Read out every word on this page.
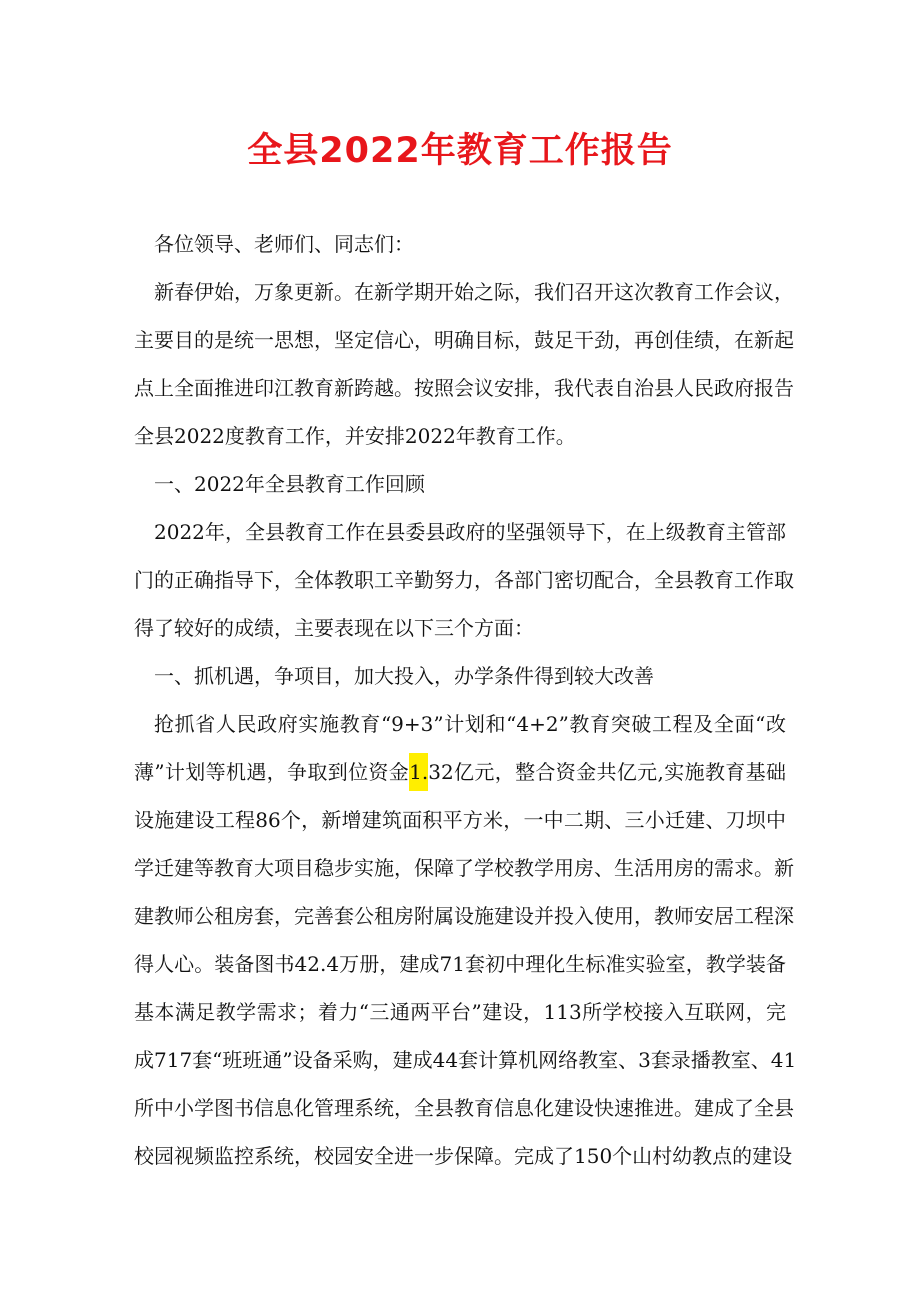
全县2022年教育工作报告
各位领导、老师们、同志们：
新春伊始，万象更新。在新学期开始之际，我们召开这次教育工作会议，
主要目的是统一思想，坚定信心，明确目标，鼓足干劲，再创佳绩，在新起
点上全面推进印江教育新跨越。按照会议安排，我代表自治县人民政府报告
全县2022度教育工作，并安排2022年教育工作。
一、2022年全县教育工作回顾
2022年，全县教育工作在县委县政府的坚强领导下，在上级教育主管部
门的正确指导下，全体教职工辛勤努力，各部门密切配合，全县教育工作取
得了较好的成绩，主要表现在以下三个方面：
一、抓机遇，争项目，加大投入，办学条件得到较大改善
抢抓省人民政府实施教育“9+3”计划和“4+2”教育突破工程及全面“改
薄”计划等机遇，争取到位资金1.32亿元，整合资金共亿元,实施教育基础
设施建设工程86个，新增建筑面积平方米，一中二期、三小迁建、刀坝中
学迁建等教育大项目稳步实施，保障了学校教学用房、生活用房的需求。新
建教师公租房套，完善套公租房附属设施建设并投入使用，教师安居工程深
得人心。装备图书42.4万册，建成71套初中理化生标准实验室，教学装备
基本满足教学需求；着力“三通两平台”建设，113所学校接入互联网，完
成717套“班班通”设备采购，建成44套计算机网络教室、3套录播教室、41
所中小学图书信息化管理系统，全县教育信息化建设快速推进。建成了全县
校园视频监控系统，校园安全进一步保障。完成了150个山村幼教点的建设
